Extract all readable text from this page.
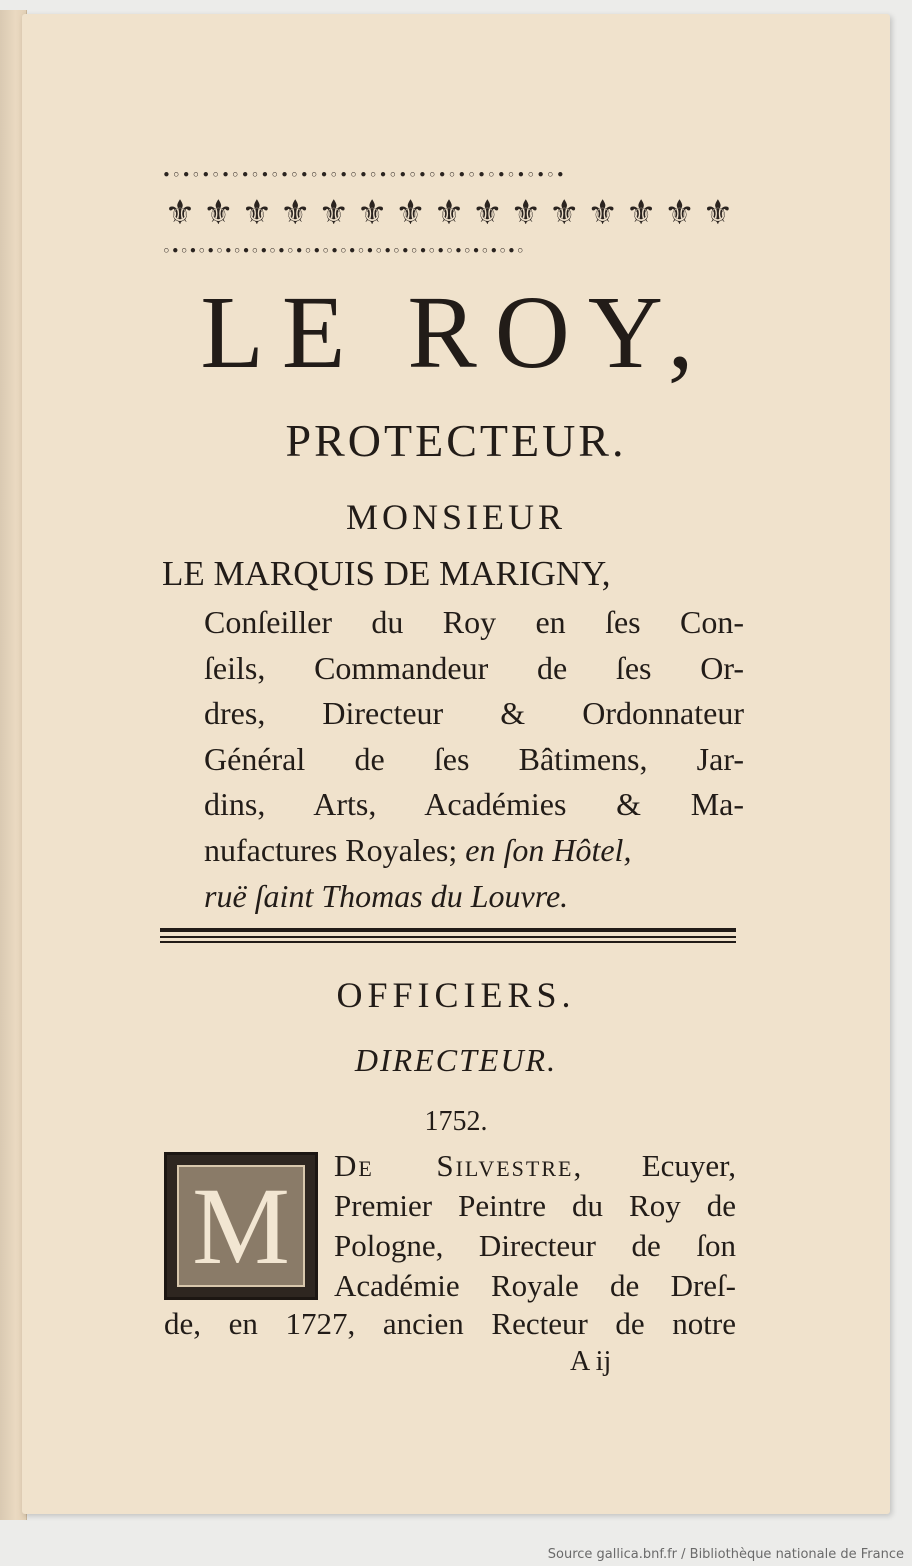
•◦•◦•◦•◦•◦•◦•◦•◦•◦•◦•◦•◦•◦•◦•◦•◦•◦•◦•◦•◦•
⚜ ⚜ ⚜ ⚜ ⚜ ⚜ ⚜ ⚜ ⚜ ⚜ ⚜ ⚜ ⚜ ⚜ ⚜
◦•◦•◦•◦•◦•◦•◦•◦•◦•◦•◦•◦•◦•◦•◦•◦•◦•◦•◦•◦•◦
LE ROY,
PROTECTEUR.
MONSIEUR
LE MARQUIS DE MARIGNY,
Conſeiller du Roy en ſes Con-
ſeils, Commandeur de ſes Or-
dres, Directeur & Ordonnateur
Général de ſes Bâtimens, Jar-
dins, Arts, Académies & Ma-
nufactures Royales; en ſon Hôtel,
ruë ſaint Thomas du Louvre.
OFFICIERS.
DIRECTEUR.
1752.
M	De Silvestre, Ecuyer,
Premier Peintre du Roy de
Pologne, Directeur de ſon
Académie Royale de Dreſ-
de, en 1727, ancien Recteur de notre
A ij
Source gallica.bnf.fr / Bibliothèque nationale de France
